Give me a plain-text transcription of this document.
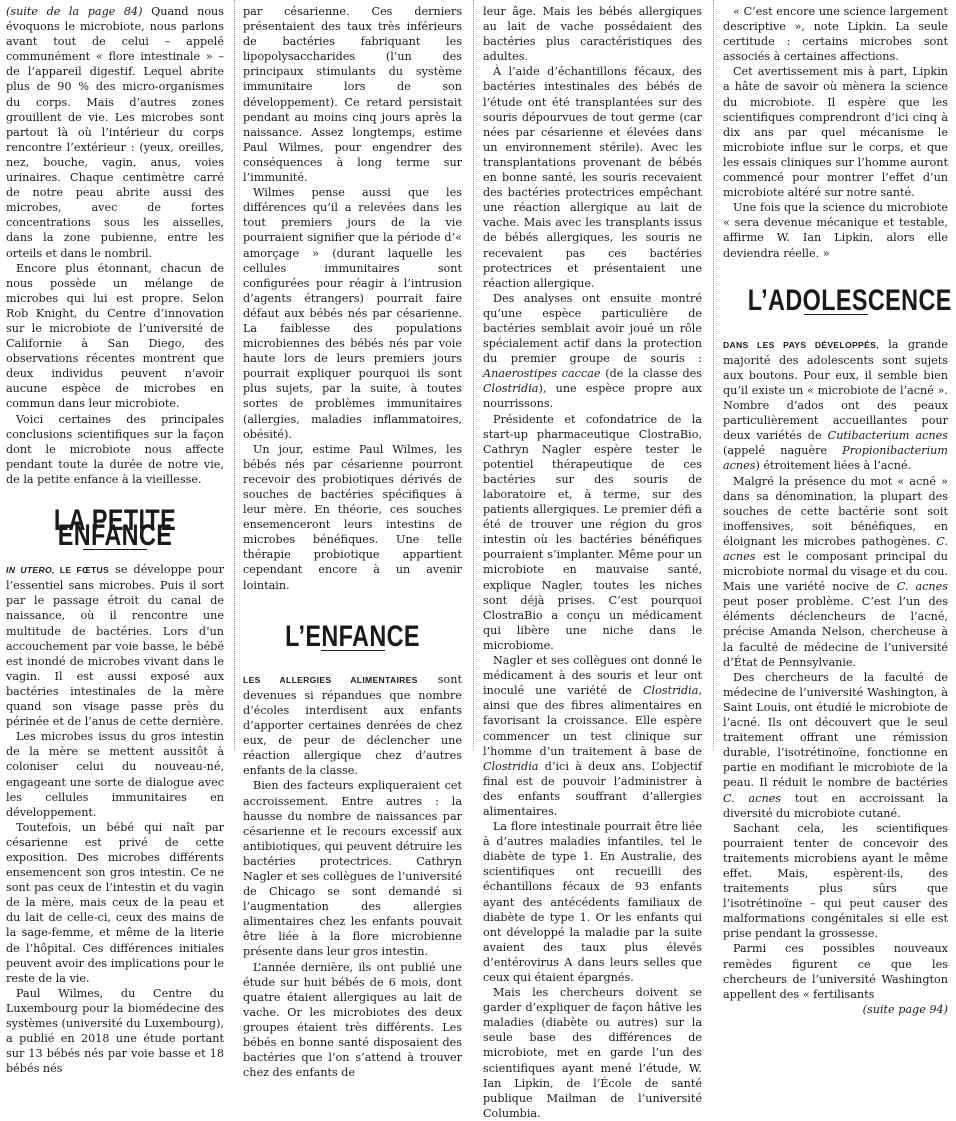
(suite de la page 84) Quand nous évoquons le microbiote, nous parlons avant tout de celui – appelé communément « flore intestinale » – de l’appareil digestif. Lequel abrite plus de 90 % des micro-organismes du corps. Mais d’autres zones grouillent de vie. Les microbes sont partout là où l’intérieur du corps rencontre l’extérieur : (yeux, oreilles, nez, bouche, vagin, anus, voies urinaires. Chaque centimètre carré de notre peau abrite aussi des microbes, avec de fortes concentrations sous les aisselles, dans la zone pubienne, entre les orteils et dans le nombril.

Encore plus étonnant, chacun de nous possède un mélange de microbes qui lui est propre. Selon Rob Knight, du Centre d’innovation sur le microbiote de l’université de Californie à San Diego, des observations récentes montrent que deux individus peuvent n’avoir aucune espèce de microbes en commun dans leur microbiote.

Voici certaines des principales conclusions scientifiques sur la façon dont le microbiote nous affecte pendant toute la durée de notre vie, de la petite enfance à la vieillesse.

LA PETITE ENFANCE

IN UTERO, LE FŒTUS se développe pour l’essentiel sans microbes. Puis il sort par le passage étroit du canal de naissance, où il rencontre une multitude de bactéries. Lors d’un accouchement par voie basse, le bébé est inondé de microbes vivant dans le vagin. Il est aussi exposé aux bactéries intestinales de la mère quand son visage passe près du périnée et de l’anus de cette dernière.

Les microbes issus du gros intestin de la mère se mettent aussitôt à coloniser celui du nouveau-né, engageant une sorte de dialogue avec les cellules immunitaires en développement.

Toutefois, un bébé qui naît par césarienne est privé de cette exposition. Des microbes différents ensemencent son gros intestin. Ce ne sont pas ceux de l’intestin et du vagin de la mère, mais ceux de la peau et du lait de celle-ci, ceux des mains de la sage-femme, et même de la literie de l’hôpital. Ces différences initiales peuvent avoir des implications pour le reste de la vie.

Paul Wilmes, du Centre du Luxembourg pour la biomédecine des systèmes (université du Luxembourg), a publié en 2018 une étude portant sur 13 bébés nés par voie basse et 18 bébés nés

par césarienne. Ces derniers présentaient des taux très inférieurs de bactéries fabriquant les lipopolysaccharides (l’un des principaux stimulants du système immunitaire lors de son développement). Ce retard persistait pendant au moins cinq jours après la naissance. Assez longtemps, estime Paul Wilmes, pour engendrer des conséquences à long terme sur l’immunité.

Wilmes pense aussi que les différences qu’il a relevées dans les tout premiers jours de la vie pourraient signifier que la période d’« amorçage » (durant laquelle les cellules immunitaires sont configurées pour réagir à l’intrusion d’agents étrangers) pourrait faire défaut aux bébés nés par césarienne. La faiblesse des populations microbiennes des bébés nés par voie haute lors de leurs premiers jours pourrait expliquer pourquoi ils sont plus sujets, par la suite, à toutes sortes de problèmes immunitaires (allergies, maladies inflammatoires, obésité).

Un jour, estime Paul Wilmes, les bébés nés par césarienne pourront recevoir des probiotiques dérivés de souches de bactéries spécifiques à leur mère. En théorie, ces souches ensemenceront leurs intestins de microbes bénéfiques. Une telle thérapie probiotique appartient cependant encore à un avenir lointain.

L’ENFANCE

LES ALLERGIES ALIMENTAIRES sont devenues si répandues que nombre d’écoles interdisent aux enfants d’apporter certaines denrées de chez eux, de peur de déclencher une réaction allergique chez d’autres enfants de la classe.

Bien des facteurs expliqueraient cet accroissement. Entre autres : la hausse du nombre de naissances par césarienne et le recours excessif aux antibiotiques, qui peuvent détruire les bactéries protectrices. Cathryn Nagler et ses collègues de l’université de Chicago se sont demandé si l’augmentation des allergies alimentaires chez les enfants pouvait être liée à la flore microbienne présente dans leur gros intestin.

L’année dernière, ils ont publié une étude sur huit bébés de 6 mois, dont quatre étaient allergiques au lait de vache. Or les microbiotes des deux groupes étaient très différents. Les bébés en bonne santé disposaient des bactéries que l’on s’attend à trouver chez des enfants de

leur âge. Mais les bébés allergiques au lait de vache possédaient des bactéries plus caractéristiques des adultes.

À l’aide d’échantillons fécaux, des bactéries intestinales des bébés de l’étude ont été transplantées sur des souris dépourvues de tout germe (car nées par césarienne et élevées dans un environnement stérile). Avec les transplantations provenant de bébés en bonne santé, les souris recevaient des bactéries protectrices empêchant une réaction allergique au lait de vache. Mais avec les transplants issus de bébés allergiques, les souris ne recevaient pas ces bactéries protectrices et présentaient une réaction allergique.

Des analyses ont ensuite montré qu’une espèce particulière de bactéries semblait avoir joué un rôle spécialement actif dans la protection du premier groupe de souris : Anaerostipes caccae (de la classe des Clostridia), une espèce propre aux nourrissons.

Présidente et cofondatrice de la start-up pharmaceutique ClostraBio, Cathryn Nagler espère tester le potentiel thérapeutique de ces bactéries sur des souris de laboratoire et, à terme, sur des patients allergiques. Le premier défi a été de trouver une région du gros intestin où les bactéries bénéfiques pourraient s’implanter. Même pour un microbiote en mauvaise santé, explique Nagler, toutes les niches sont déjà prises. C’est pourquoi ClostraBio a conçu un médicament qui libère une niche dans le microbiome.

Nagler et ses collègues ont donné le médicament à des souris et leur ont inoculé une variété de Clostridia, ainsi que des fibres alimentaires en favorisant la croissance. Elle espère commencer un test clinique sur l’homme d’un traitement à base de Clostridia d’ici à deux ans. L’objectif final est de pouvoir l’administrer à des enfants souffrant d’allergies alimentaires.

La flore intestinale pourrait être liée à d’autres maladies infantiles, tel le diabète de type 1. En Australie, des scientifiques ont recueilli des échantillons fécaux de 93 enfants ayant des antécédents familiaux de diabète de type 1. Or les enfants qui ont développé la maladie par la suite avaient des taux plus élevés d’entérovirus A dans leurs selles que ceux qui étaient épargnés.

Mais les chercheurs doivent se garder d’expliquer de façon hâtive les maladies (diabète ou autres) sur la seule base des différences de microbiote, met en garde l’un des scientifiques ayant mené l’étude, W. Ian Lipkin, de l’École de santé publique Mailman de l’université Columbia.

« C’est encore une science largement descriptive », note Lipkin. La seule certitude : certains microbes sont associés à certaines affections.

Cet avertissement mis à part, Lipkin a hâte de savoir où mènera la science du microbiote. Il espère que les scientifiques comprendront d’ici cinq à dix ans par quel mécanisme le microbiote influe sur le corps, et que les essais cliniques sur l’homme auront commencé pour montrer l’effet d’un microbiote altéré sur notre santé.

Une fois que la science du microbiote « sera devenue mécanique et testable, affirme W. Ian Lipkin, alors elle deviendra réelle. »

L’ADOLESCENCE

DANS LES PAYS DÉVELOPPÉS, la grande majorité des adolescents sont sujets aux boutons. Pour eux, il semble bien qu’il existe un « microbiote de l’acné ». Nombre d’ados ont des peaux particulièrement accueillantes pour deux variétés de Cutibacterium acnes (appelé naguère Propionibacterium acnes) étroitement liées à l’acné.

Malgré la présence du mot « acné » dans sa dénomination, la plupart des souches de cette bactérie sont soit inoffensives, soit bénéfiques, en éloignant les microbes pathogènes. C. acnes est le composant principal du microbiote normal du visage et du cou. Mais une variété nocive de C. acnes peut poser problème. C’est l’un des éléments déclencheurs de l’acné, précise Amanda Nelson, chercheuse à la faculté de médecine de l’université d’État de Pennsylvanie.

Des chercheurs de la faculté de médecine de l’université Washington, à Saint Louis, ont étudié le microbiote de l’acné. Ils ont découvert que le seul traitement offrant une rémission durable, l’isotrétinoïne, fonctionne en partie en modifiant le microbiote de la peau. Il réduit le nombre de bactéries C. acnes tout en accroissant la diversité du microbiote cutané.

Sachant cela, les scientifiques pourraient tenter de concevoir des traitements microbiens ayant le même effet. Mais, espèrent-ils, des traitements plus sûrs que l’isotrétinoïne – qui peut causer des malformations congénitales si elle est prise pendant la grossesse.

Parmi ces possibles nouveaux remèdes figurent ce que les chercheurs de l’université Washington appellent des « fertilisants

(suite page 94)
